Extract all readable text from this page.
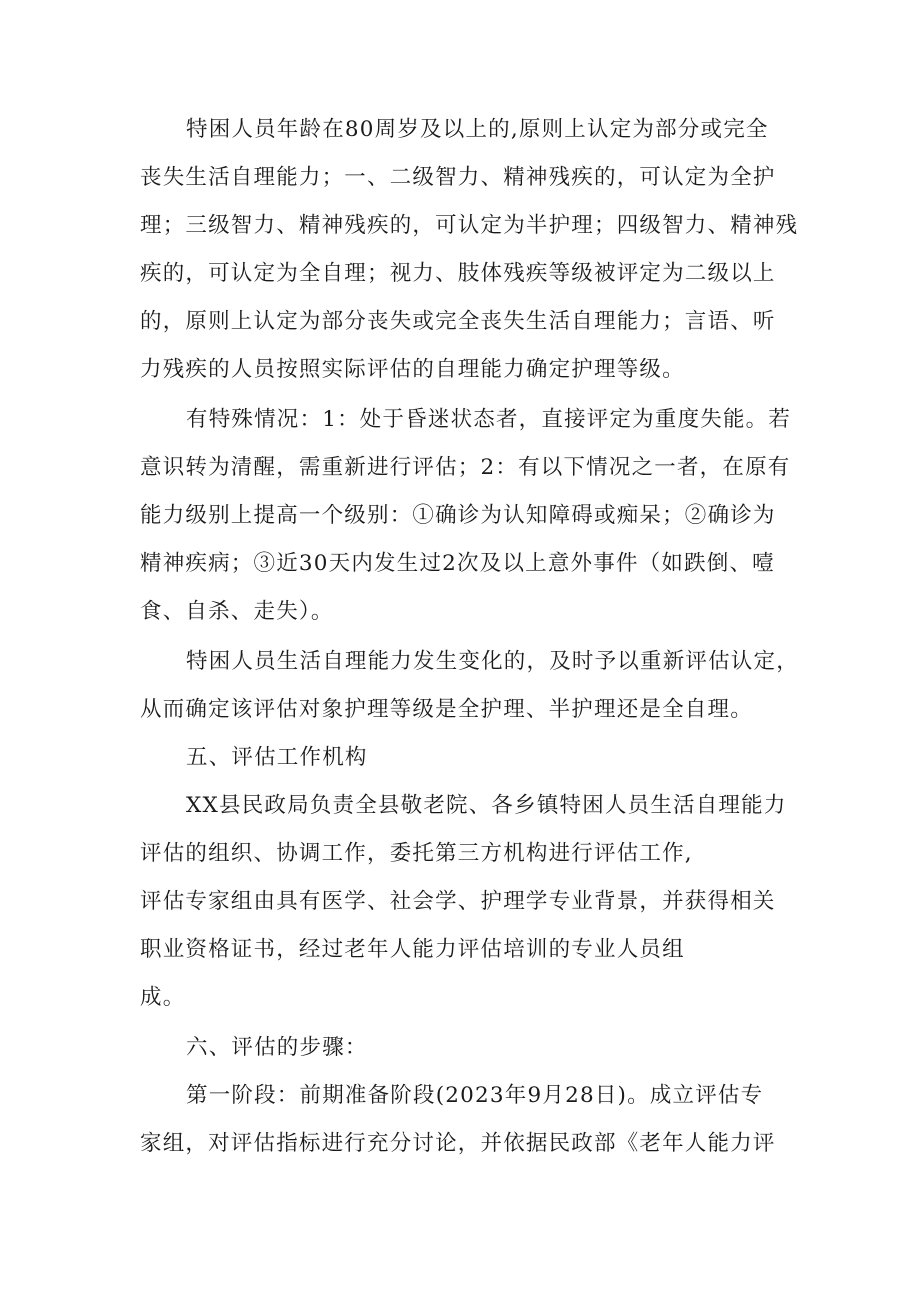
特困人员年龄在80周岁及以上的,原则上认定为部分或完全
丧失生活自理能力；一、二级智力、精神残疾的，可认定为全护
理；三级智力、精神残疾的，可认定为半护理；四级智力、精神残
疾的，可认定为全自理；视力、肢体残疾等级被评定为二级以上
的，原则上认定为部分丧失或完全丧失生活自理能力；言语、听
力残疾的人员按照实际评估的自理能力确定护理等级。
有特殊情况：1：处于昏迷状态者，直接评定为重度失能。若
意识转为清醒，需重新进行评估；2：有以下情况之一者，在原有
能力级别上提高一个级别：①确诊为认知障碍或痴呆；②确诊为
精神疾病；③近30天内发生过2次及以上意外事件（如跌倒、噎
食、自杀、走失）。
特困人员生活自理能力发生变化的，及时予以重新评估认定，
从而确定该评估对象护理等级是全护理、半护理还是全自理。
五、评估工作机构
XX县民政局负责全县敬老院、各乡镇特困人员生活自理能力
评估的组织、协调工作，委托第三方机构进行评估工作,
评估专家组由具有医学、社会学、护理学专业背景，并获得相关
职业资格证书，经过老年人能力评估培训的专业人员组
成。
六、评估的步骤：
第一阶段：前期准备阶段(2023年9月28日)。成立评估专
家组，对评估指标进行充分讨论，并依据民政部《老年人能力评
